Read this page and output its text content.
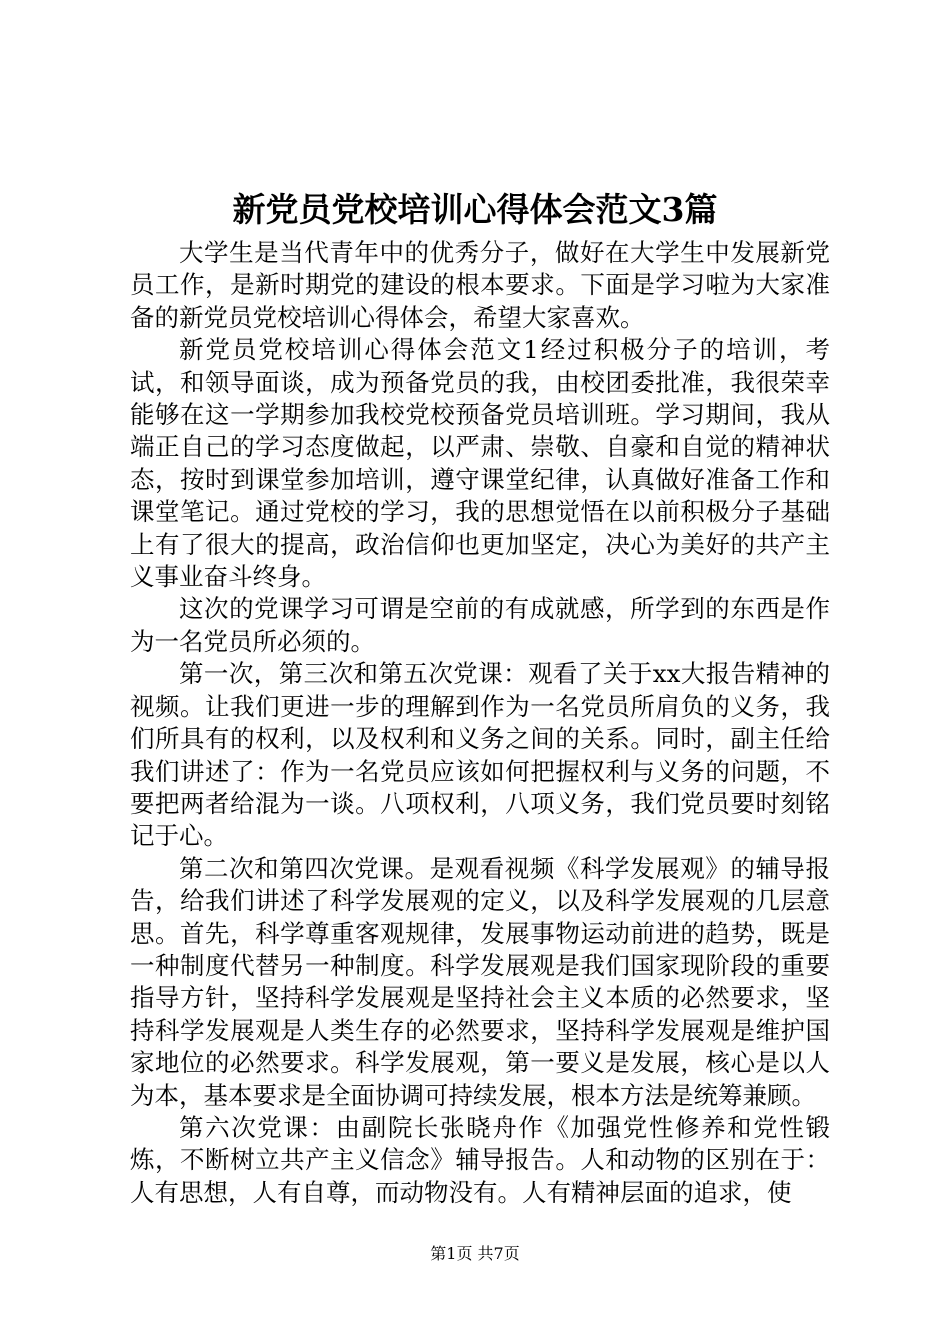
新党员党校培训心得体会范文3篇

大学生是当代青年中的优秀分子，做好在大学生中发展新党员工作，是新时期党的建设的根本要求。下面是学习啦为大家准备的新党员党校培训心得体会，希望大家喜欢。

新党员党校培训心得体会范文1经过积极分子的培训，考试，和领导面谈，成为预备党员的我，由校团委批准，我很荣幸能够在这一学期参加我校党校预备党员培训班。学习期间，我从端正自己的学习态度做起，以严肃、崇敬、自豪和自觉的精神状态，按时到课堂参加培训，遵守课堂纪律，认真做好准备工作和课堂笔记。通过党校的学习，我的思想觉悟在以前积极分子基础上有了很大的提高，政治信仰也更加坚定，决心为美好的共产主义事业奋斗终身。

这次的党课学习可谓是空前的有成就感，所学到的东西是作为一名党员所必须的。

第一次，第三次和第五次党课：观看了关于xx大报告精神的视频。让我们更进一步的理解到作为一名党员所肩负的义务，我们所具有的权利，以及权利和义务之间的关系。同时，副主任给我们讲述了：作为一名党员应该如何把握权利与义务的问题，不要把两者给混为一谈。八项权利，八项义务，我们党员要时刻铭记于心。

第二次和第四次党课。是观看视频《科学发展观》的辅导报告，给我们讲述了科学发展观的定义，以及科学发展观的几层意思。首先，科学尊重客观规律，发展事物运动前进的趋势，既是一种制度代替另一种制度。科学发展观是我们国家现阶段的重要指导方针，坚持科学发展观是坚持社会主义本质的必然要求，坚持科学发展观是人类生存的必然要求，坚持科学发展观是维护国家地位的必然要求。科学发展观，第一要义是发展，核心是以人为本，基本要求是全面协调可持续发展，根本方法是统筹兼顾。

第六次党课：由副院长张晓舟作《加强党性修养和党性锻炼，不断树立共产主义信念》辅导报告。人和动物的区别在于：人有思想，人有自尊，而动物没有。人有精神层面的追求，使

第1页 共7页
